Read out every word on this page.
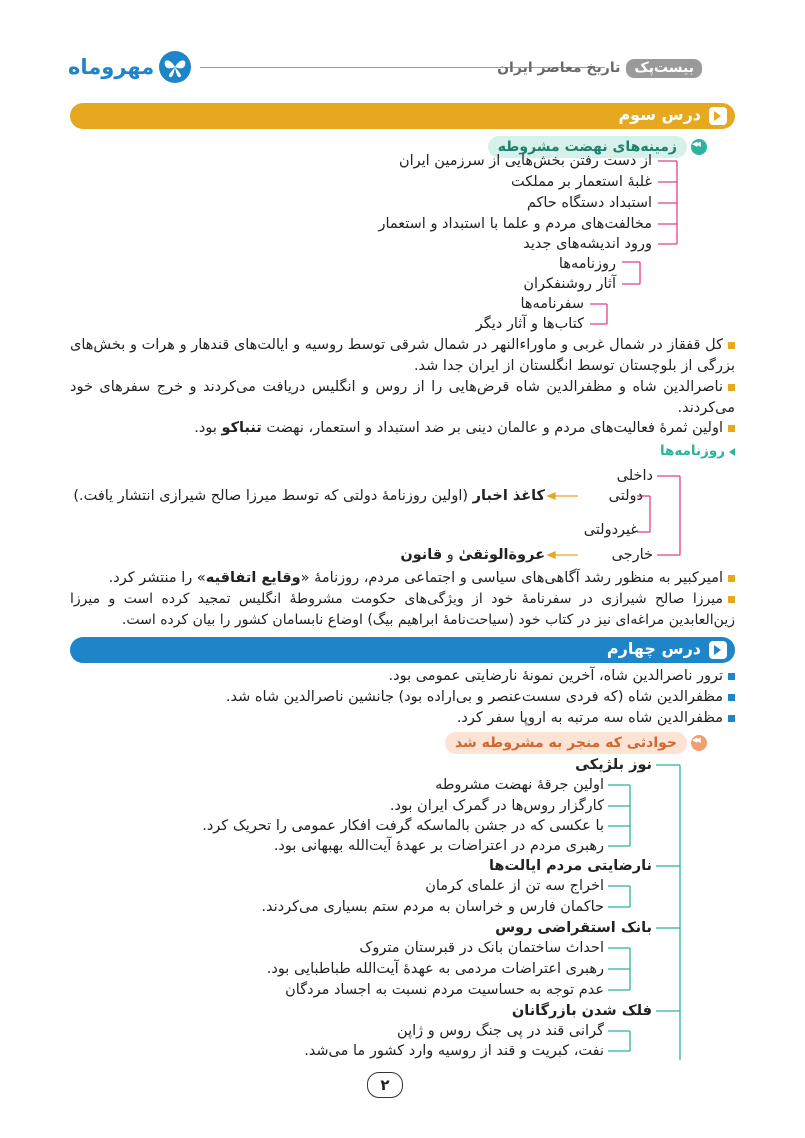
مهروماه	بیست‌پک
تاریخ معاصر ایران
درس سوم
◀◀
زمینه‌های نهضت مشروطه
از دست رفتن بخش‌هایی از سرزمین ایران
غلبهٔ استعمار بر مملکت
استبداد دستگاه حاکم
مخالفت‌های مردم و علما با استبداد و استعمار
ورود اندیشه‌های جدید
روزنامه‌ها
آثار روشنفکران
سفرنامه‌ها
کتاب‌ها و آثار دیگر
کل قفقاز در شمال غربی و ماوراءالنهر در شمال شرقی توسط روسیه و ایالت‌های قندهار و هرات و بخش‌های بزرگی از بلوچستان توسط انگلستان از ایران جدا شد.
ناصرالدین شاه و مظفرالدین شاه قرض‌هایی را از روس و انگلیس دریافت می‌کردند و خرج سفرهای خود می‌کردند.
اولین ثمرهٔ فعالیت‌های مردم و عالمان دینی بر ضد استبداد و استعمار، نهضت تنباکو بود.
روزنامه‌ها
داخلی
دولتی
کاغذ اخبار (اولین روزنامهٔ دولتی که توسط میرزا صالح شیرازی انتشار یافت.)
غیردولتی
خارجی
عروة‌الوثقیٰ و قانون
امیرکبیر به منظور رشد آگاهی‌های سیاسی و اجتماعی مردم، روزنامهٔ «وقایع اتفاقیه» را منتشر کرد.
میرزا صالح شیرازی در سفرنامهٔ خود از ویژگی‌های حکومت مشروطهٔ انگلیس تمجید کرده است و میرزا زین‌العابدین مراغه‌ای نیز در کتاب خود (سیاحت‌نامهٔ ابراهیم بیگ) اوضاع نابسامان کشور را بیان کرده است.
درس چهارم
ترور ناصرالدین شاه، آخرین نمونهٔ نارضایتی عمومی بود.
مظفرالدین شاه (که فردی سست‌عنصر و بی‌اراده بود) جانشین ناصرالدین شاه شد.
مظفرالدین شاه سه مرتبه به اروپا سفر کرد.
◀◀
حوادثی که منجر به مشروطه شد
نوز بلژیکی
اولین جرقهٔ نهضت مشروطه
کارگزار روس‌ها در گمرک ایران بود.
با عکسی که در جشن بالماسکه گرفت افکار عمومی را تحریک کرد.
رهبری مردم در اعتراضات بر عهدهٔ آیت‌الله بهبهانی بود.
نارضایتی مردم ایالت‌ها
اخراج سه تن از علمای کرمان
حاکمان فارس و خراسان به مردم ستم بسیاری می‌کردند.
بانک استقراضی روس
احداث ساختمان بانک در قبرستان متروک
رهبری اعتراضات مردمی به عهدهٔ آیت‌الله طباطبایی بود.
عدم توجه به حساسیت مردم نسبت به اجساد مردگان
فلک شدن بازرگانان
گرانی قند در پی جنگ روس و ژاپن
نفت، کبریت و قند از روسیه وارد کشور ما می‌شد.
۲
